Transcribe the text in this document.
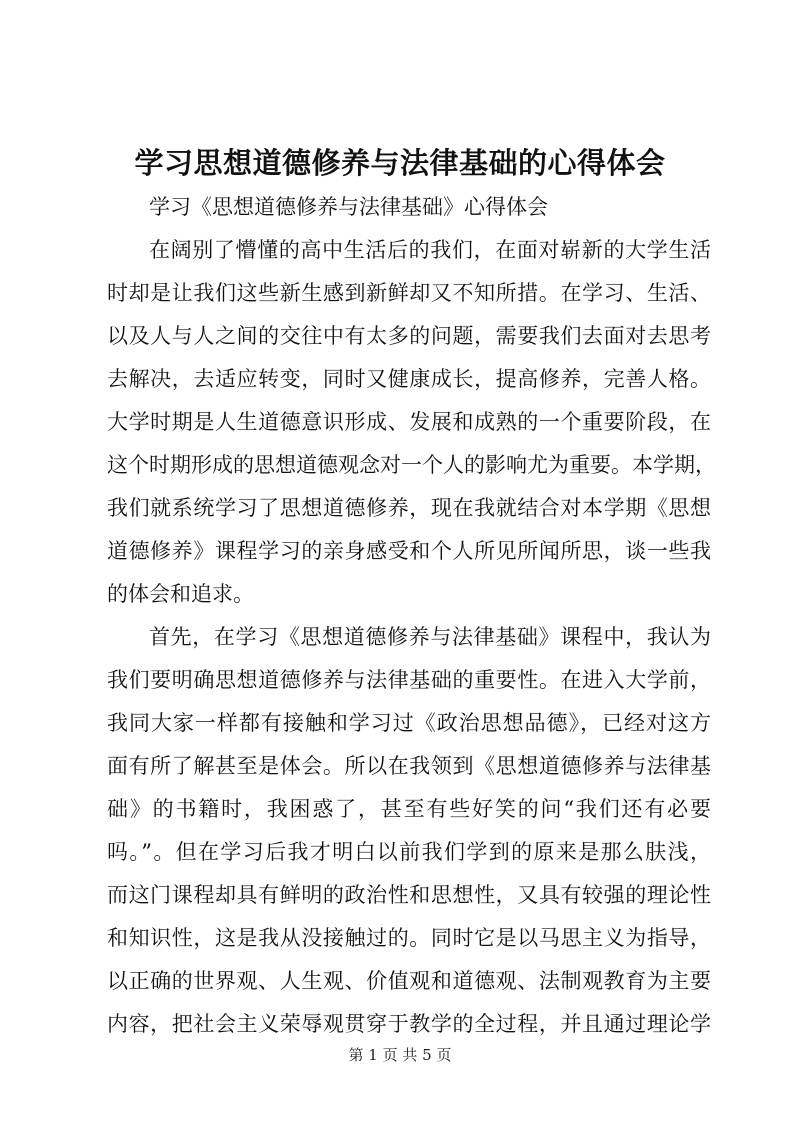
学习思想道德修养与法律基础的心得体会
学习《思想道德修养与法律基础》心得体会
在阔别了懵懂的高中生活后的我们，在面对崭新的大学生活
时却是让我们这些新生感到新鲜却又不知所措。在学习、生活、
以及人与人之间的交往中有太多的问题，需要我们去面对去思考
去解决，去适应转变，同时又健康成长，提高修养，完善人格。
大学时期是人生道德意识形成、发展和成熟的一个重要阶段，在
这个时期形成的思想道德观念对一个人的影响尤为重要。本学期，
我们就系统学习了思想道德修养，现在我就结合对本学期《思想
道德修养》课程学习的亲身感受和个人所见所闻所思，谈一些我
的体会和追求。
首先，在学习《思想道德修养与法律基础》课程中，我认为
我们要明确思想道德修养与法律基础的重要性。在进入大学前，
我同大家一样都有接触和学习过《政治思想品德》，已经对这方
面有所了解甚至是体会。所以在我领到《思想道德修养与法律基
础》的书籍时，我困惑了，甚至有些好笑的问“我们还有必要
吗。”。但在学习后我才明白以前我们学到的原来是那么肤浅，
而这门课程却具有鲜明的政治性和思想性，又具有较强的理论性
和知识性，这是我从没接触过的。同时它是以马思主义为指导，
以正确的世界观、人生观、价值观和道德观、法制观教育为主要
内容，把社会主义荣辱观贯穿于教学的全过程，并且通过理论学
第 1 页 共 5 页
